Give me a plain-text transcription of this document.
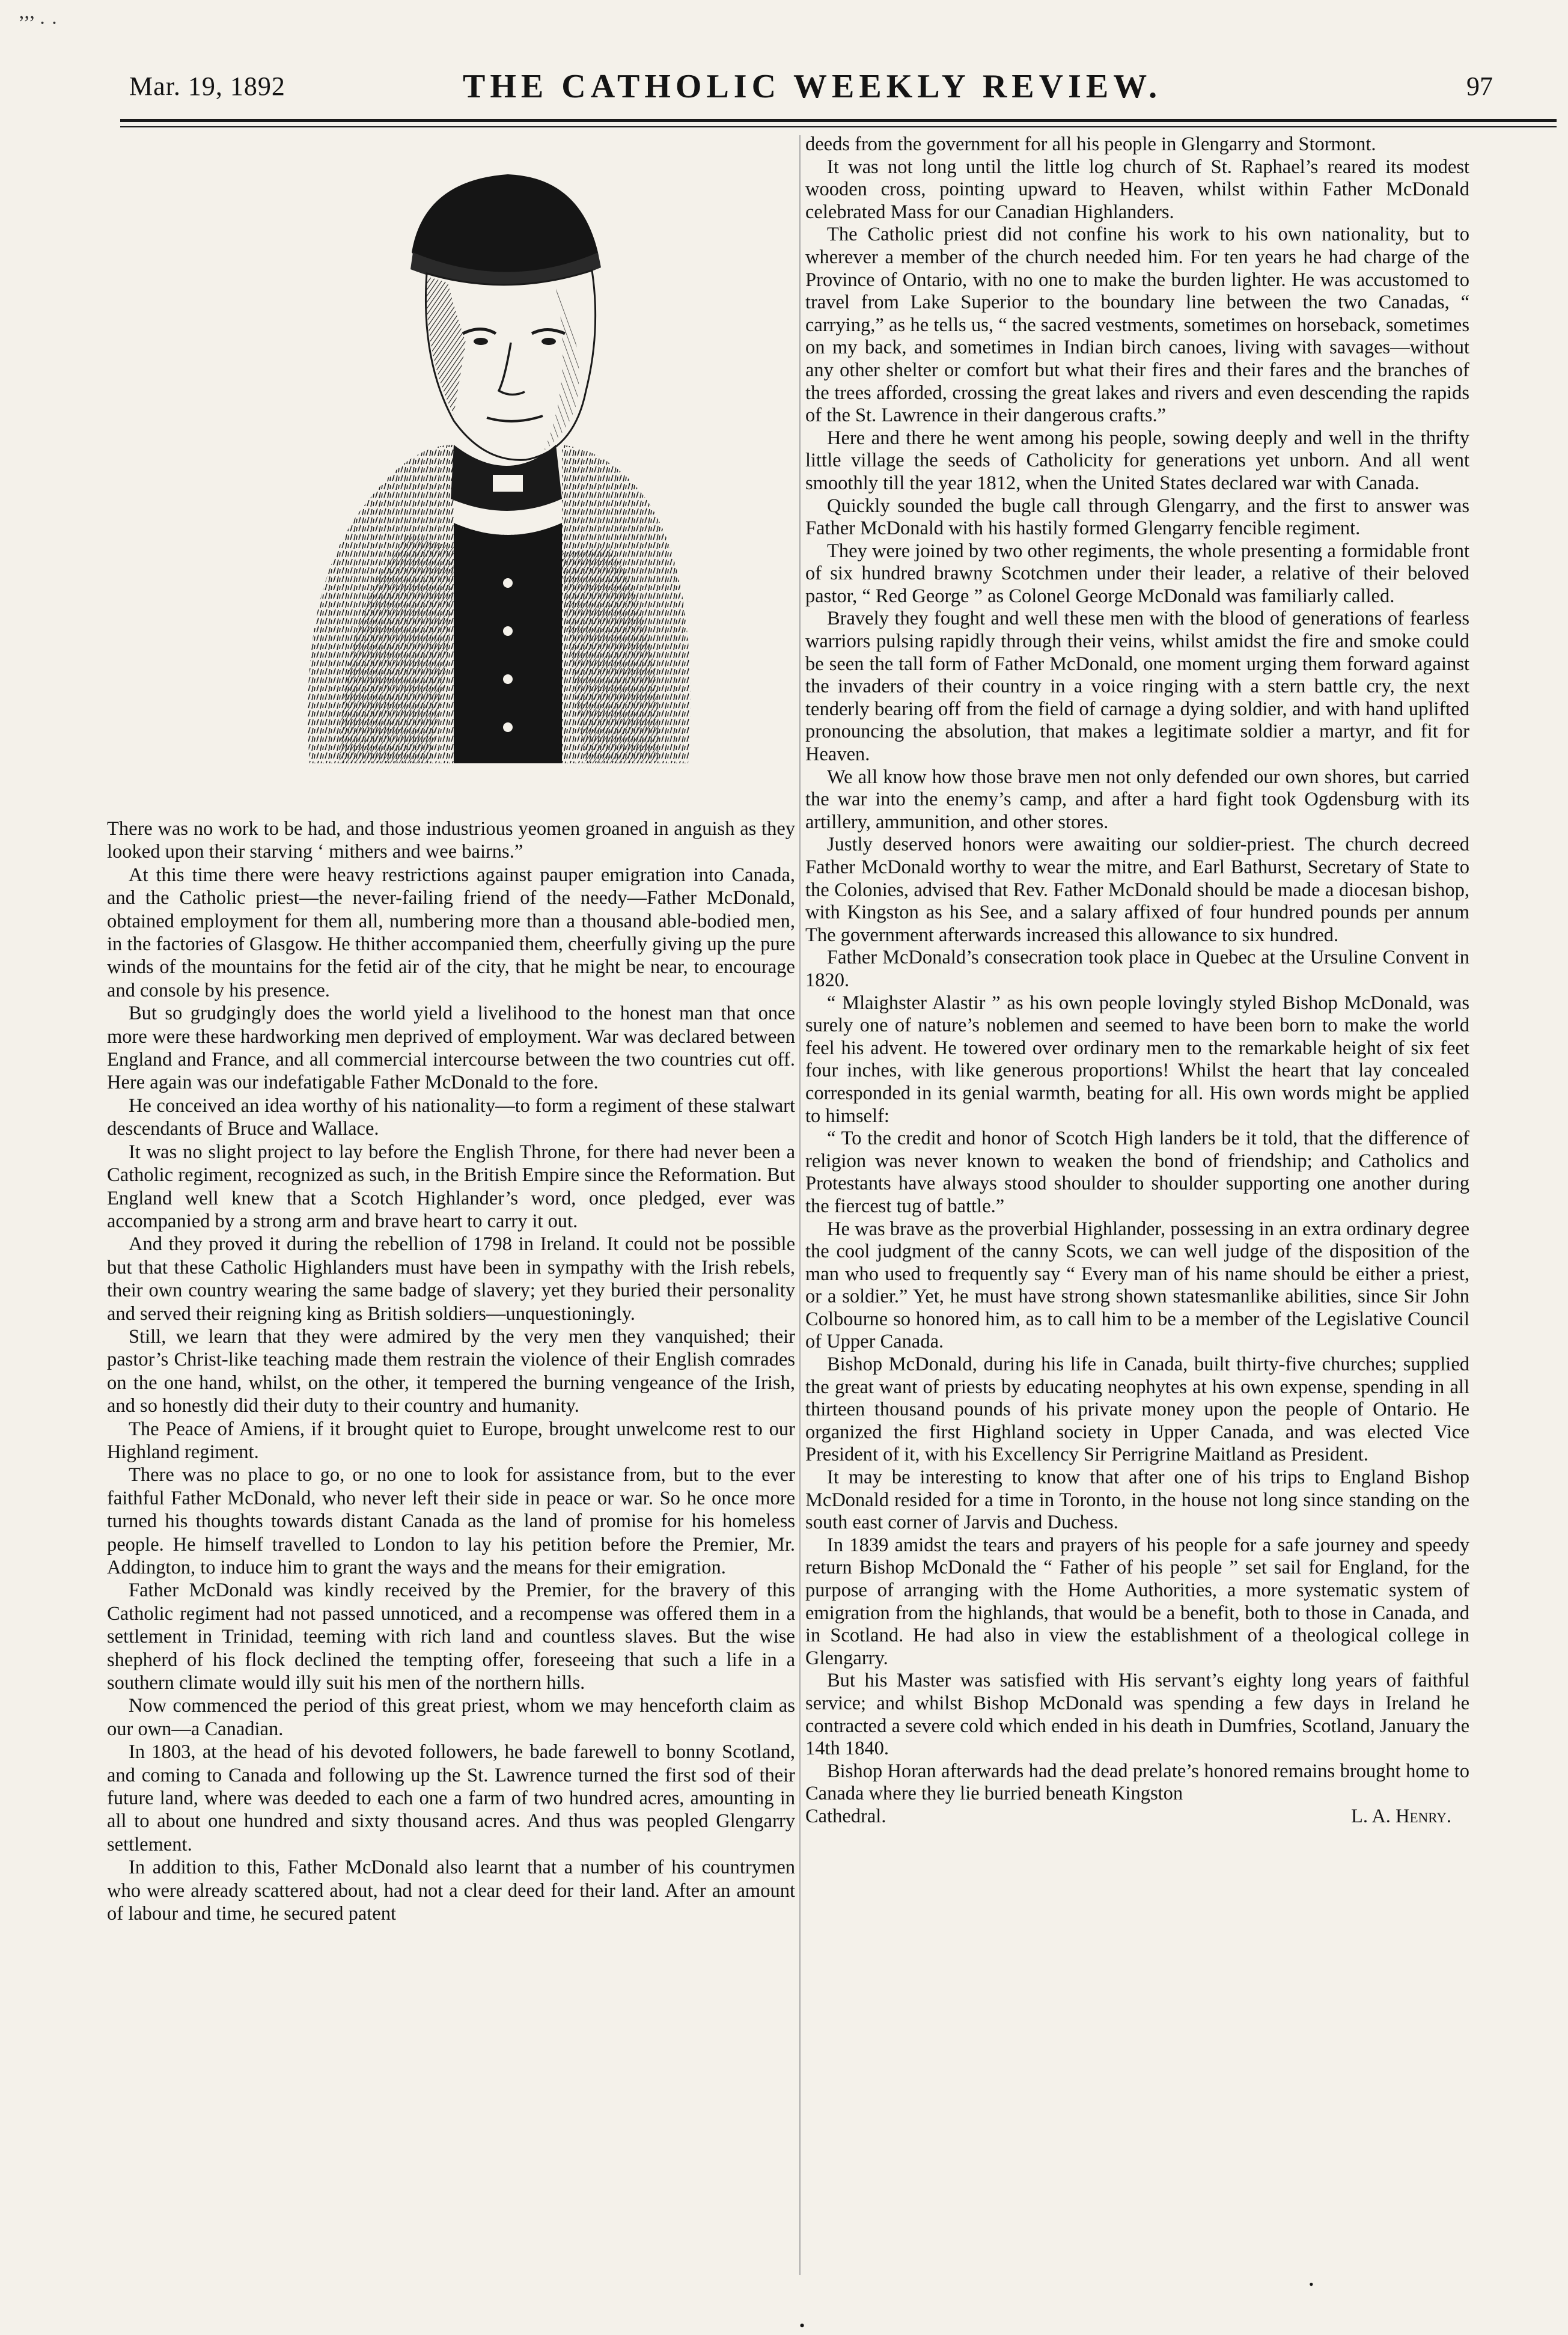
’’’ · ·
Mar. 19, 1892	THE CATHOLIC WEEKLY REVIEW.	97

There was no work to be had, and those industrious yeomen groaned in anguish as they looked upon their starving ‘ mithers and wee bairns.”

At this time there were heavy restrictions against pauper emigration into Canada, and the Catholic priest—the never-failing friend of the needy—Father McDonald, obtained employment for them all, numbering more than a thousand able-bodied men, in the factories of Glasgow. He thither accompanied them, cheerfully giving up the pure winds of the mountains for the fetid air of the city, that he might be near, to encourage and console by his presence.

But so grudgingly does the world yield a livelihood to the honest man that once more were these hardworking men deprived of employment. War was declared between England and France, and all commercial intercourse between the two countries cut off. Here again was our indefatigable Father McDonald to the fore.

He conceived an idea worthy of his nationality—to form a regiment of these stalwart descendants of Bruce and Wallace.

It was no slight project to lay before the English Throne, for there had never been a Catholic regiment, recognized as such, in the British Empire since the Reformation. But England well knew that a Scotch Highlander’s word, once pledged, ever was accompanied by a strong arm and brave heart to carry it out.

And they proved it during the rebellion of 1798 in Ireland. It could not be possible but that these Catholic Highlanders must have been in sympathy with the Irish rebels, their own country wearing the same badge of slavery; yet they buried their personality and served their reigning king as British soldiers—unquestioningly.

Still, we learn that they were admired by the very men they vanquished; their pastor’s Christ-like teaching made them restrain the violence of their English comrades on the one hand, whilst, on the other, it tempered the burning vengeance of the Irish, and so honestly did their duty to their country and humanity.

The Peace of Amiens, if it brought quiet to Europe, brought unwelcome rest to our Highland regiment.

There was no place to go, or no one to look for assistance from, but to the ever faithful Father McDonald, who never left their side in peace or war. So he once more turned his thoughts towards distant Canada as the land of promise for his homeless people. He himself travelled to London to lay his petition before the Premier, Mr. Addington, to induce him to grant the ways and the means for their emigration.

Father McDonald was kindly received by the Premier, for the bravery of this Catholic regiment had not passed unnoticed, and a recompense was offered them in a settlement in Trinidad, teeming with rich land and countless slaves. But the wise shepherd of his flock declined the tempting offer, foreseeing that such a life in a southern climate would illy suit his men of the northern hills.

Now commenced the period of this great priest, whom we may henceforth claim as our own—a Canadian.

In 1803, at the head of his devoted followers, he bade farewell to bonny Scotland, and coming to Canada and following up the St. Lawrence turned the first sod of their future land, where was deeded to each one a farm of two hundred acres, amounting in all to about one hundred and sixty thousand acres. And thus was peopled Glengarry settlement.

In addition to this, Father McDonald also learnt that a number of his countrymen who were already scattered about, had not a clear deed for their land. After an amount of labour and time, he secured patent

deeds from the government for all his people in Glengarry and Stormont.

It was not long until the little log church of St. Raphael’s reared its modest wooden cross, pointing upward to Heaven, whilst within Father McDonald celebrated Mass for our Canadian Highlanders.

The Catholic priest did not confine his work to his own nationality, but to wherever a member of the church needed him. For ten years he had charge of the Province of Ontario, with no one to make the burden lighter. He was accustomed to travel from Lake Superior to the boundary line between the two Canadas, “ carrying,” as he tells us, “ the sacred vestments, sometimes on horseback, sometimes on my back, and sometimes in Indian birch canoes, living with savages—without any other shelter or comfort but what their fires and their fares and the branches of the trees afforded, crossing the great lakes and rivers and even descending the rapids of the St. Lawrence in their dangerous crafts.”

Here and there he went among his people, sowing deeply and well in the thrifty little village the seeds of Catholicity for generations yet unborn. And all went smoothly till the year 1812, when the United States declared war with Canada.

Quickly sounded the bugle call through Glengarry, and the first to answer was Father McDonald with his hastily formed Glengarry fencible regiment.

They were joined by two other regiments, the whole presenting a formidable front of six hundred brawny Scotchmen under their leader, a relative of their beloved pastor, “ Red George ” as Colonel George McDonald was familiarly called.

Bravely they fought and well these men with the blood of generations of fearless warriors pulsing rapidly through their veins, whilst amidst the fire and smoke could be seen the tall form of Father McDonald, one moment urging them forward against the invaders of their country in a voice ringing with a stern battle cry, the next tenderly bearing off from the field of carnage a dying soldier, and with hand uplifted pronouncing the absolution, that makes a legitimate soldier a martyr, and fit for Heaven.

We all know how those brave men not only defended our own shores, but carried the war into the enemy’s camp, and after a hard fight took Ogdensburg with its artillery, ammunition, and other stores.

Justly deserved honors were awaiting our soldier-priest. The church decreed Father McDonald worthy to wear the mitre, and Earl Bathurst, Secretary of State to the Colonies, advised that Rev. Father McDonald should be made a diocesan bishop, with Kingston as his See, and a salary affixed of four hundred pounds per annum The government afterwards increased this allowance to six hundred.

Father McDonald’s consecration took place in Quebec at the Ursuline Convent in 1820.

“ Mlaighster Alastir ” as his own people lovingly styled Bishop McDonald, was surely one of nature’s noblemen and seemed to have been born to make the world feel his advent. He towered over ordinary men to the remarkable height of six feet four inches, with like generous proportions! Whilst the heart that lay concealed corresponded in its genial warmth, beating for all. His own words might be applied to himself:

“ To the credit and honor of Scotch High landers be it told, that the difference of religion was never known to weaken the bond of friendship; and Catholics and Protestants have always stood shoulder to shoulder supporting one another during the fiercest tug of battle.”

He was brave as the proverbial Highlander, possessing in an extra ordinary degree the cool judgment of the canny Scots, we can well judge of the disposition of the man who used to frequently say “ Every man of his name should be either a priest, or a soldier.” Yet, he must have strong shown statesmanlike abilities, since Sir John Colbourne so honored him, as to call him to be a member of the Legislative Council of Upper Canada.

Bishop McDonald, during his life in Canada, built thirty-five churches; supplied the great want of priests by educating neophytes at his own expense, spending in all thirteen thousand pounds of his private money upon the people of Ontario. He organized the first Highland society in Upper Canada, and was elected Vice President of it, with his Excellency Sir Perrigrine Maitland as President.

It may be interesting to know that after one of his trips to England Bishop McDonald resided for a time in Toronto, in the house not long since standing on the south east corner of Jarvis and Duchess.

In 1839 amidst the tears and prayers of his people for a safe journey and speedy return Bishop McDonald the “ Father of his people ” set sail for England, for the purpose of arranging with the Home Authorities, a more systematic system of emigration from the highlands, that would be a benefit, both to those in Canada, and in Scotland. He had also in view the establishment of a theological college in Glengarry.

But his Master was satisfied with His servant’s eighty long years of faithful service; and whilst Bishop McDonald was spending a few days in Ireland he contracted a severe cold which ended in his death in Dumfries, Scotland, January the 14th 1840.

Bishop Horan afterwards had the dead prelate’s honored remains brought home to Canada where they lie burried beneath Kingston

Cathedral.	L. A. Henry.
•
•
